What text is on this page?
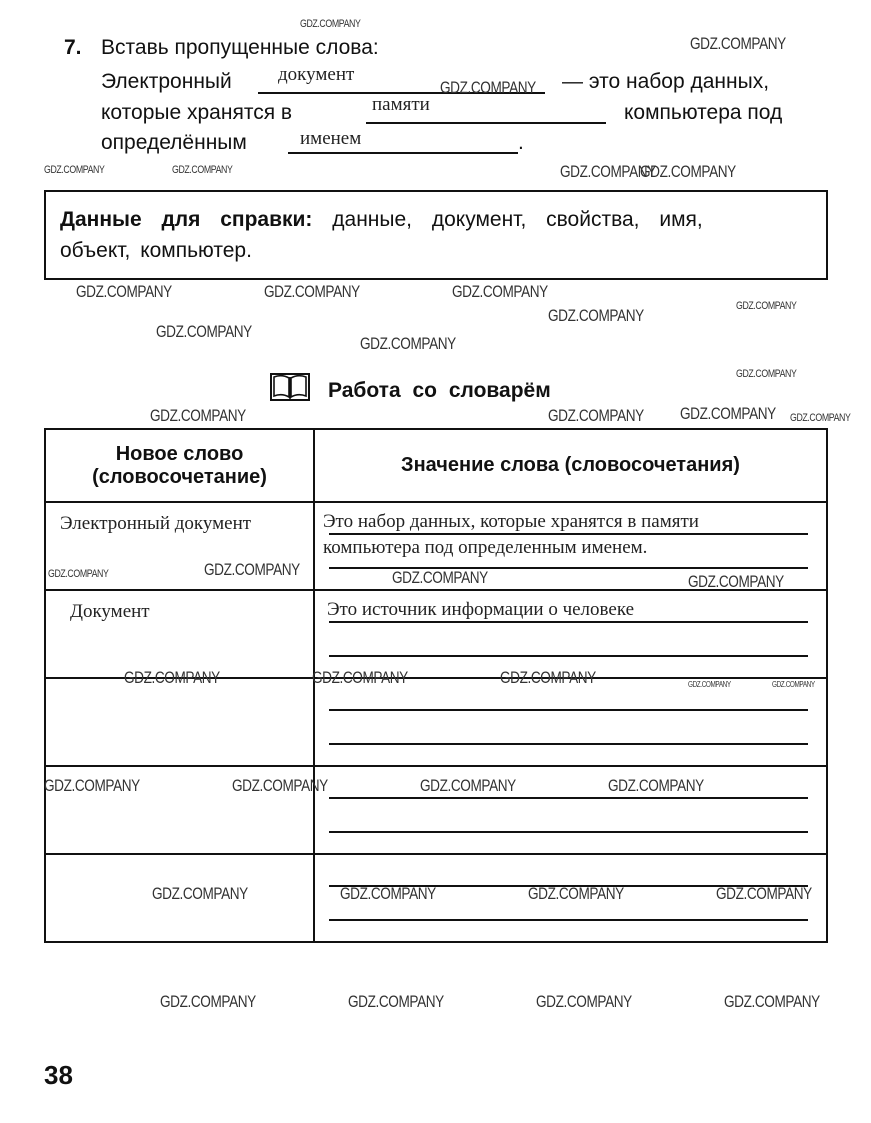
7. Вставь пропущенные слова:
Электронный документ	— это набор данных,
которые хранятся в	памяти	компьютера под
определённым	именем	.
Данные для справки: данные, документ, свойства, имя,
объект, компьютер.
Работа со словарём
Новое слово (словосочетание)	Значение слова (словосочетания)

Электронный документ	Это набор данных, которые хранятся в памяти
компьютера под определенным именем.

Документ	Это источник информации о человеке

38
GDZ.COMPANY
GDZ.COMPANY
GDZ.COMPANY	GDZ.COMPANY
GDZ.COMPANY
GDZ.COMPANY
GDZ.COMPANY	GDZ.COMPANY	GDZ.COMPANY
GDZ.COMPANY
GDZ.COMPANY	GDZ.COMPANY
GDZ.COMPANY
GDZ.COMPANY
GDZ.COMPANY
GDZ.COMPANY
GDZ.COMPANY	GDZ.COMPANY GDZ.COMPANY
GDZ.COMPANY	GDZ.COMPANY	GDZ.COMPANY	GDZ.COMPANY
GDZ.COMPANY	GDZ.COMPANY	GDZ.COMPANY	GDZ.COMPANY	GDZ.COMPANY
GDZ.COMPANY	GDZ.COMPANY	GDZ.COMPANY	GDZ.COMPANY
GDZ.COMPANY	GDZ.COMPANY	GDZ.COMPANY	GDZ.COMPANY
GDZ.COMPANY	GDZ.COMPANY	GDZ.COMPANY	GDZ.COMPANY
